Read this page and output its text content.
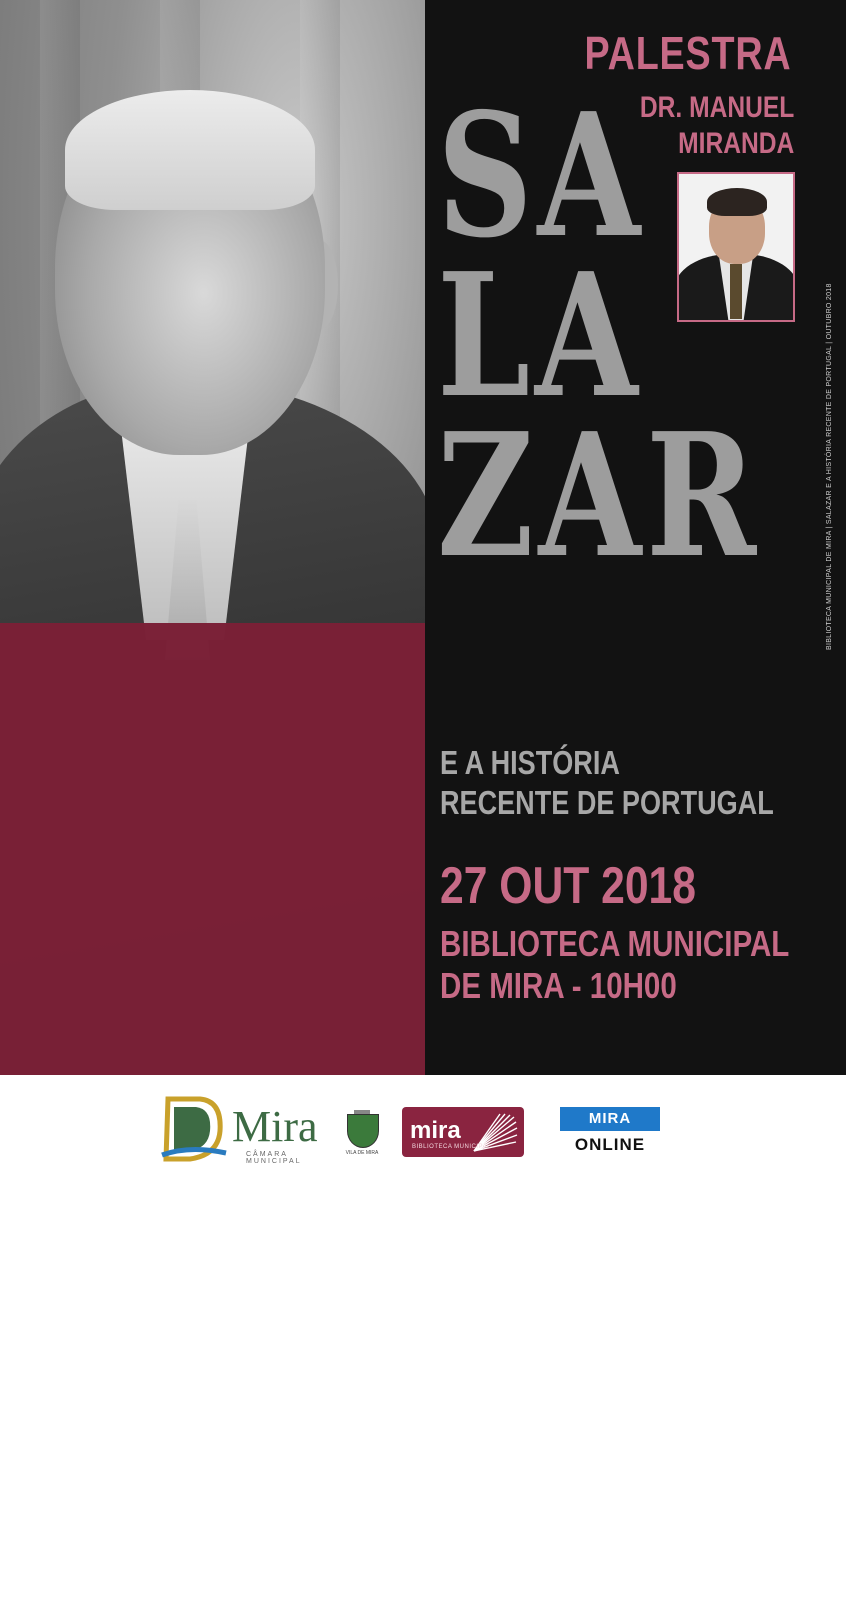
CONVITE

O Presidente da Câmara Municipal de Mira, Dr. Raúl Almeida e o investigador, Dr. Manuel Miranda, têm a honra de convidar V. Exª para a Palestra “Salazar e a história recente de Portugal”, que terá lugar no dia 27 de outubro, pelas 10h00 horas, na Biblioteca Municipal de Mira.

Segue-se um almoço de homenagem pelas 13.00 horas no Restaurante Milénio, para o qual se agradece a confirmação na Biblioteca Municipal de Mira, até ao dia 23 de outubro.

PALESTRA
DR. MANUEL
MIRANDA
SA
LA
ZAR
E A HISTÓRIA
RECENTE DE PORTUGAL
27 OUT 2018
BIBLIOTECA MUNICIPAL
DE MIRA - 10H00
BIBLIOTECA MUNICIPAL DE MIRA | SALAZAR E A HISTÓRIA RECENTE DE PORTUGAL | OUTUBRO 2018
Mira
CÂMARA MUNICIPAL
VILA DE MIRA
mira
BIBLIOTECA MUNICIPAL
MIRA
ONLINE
